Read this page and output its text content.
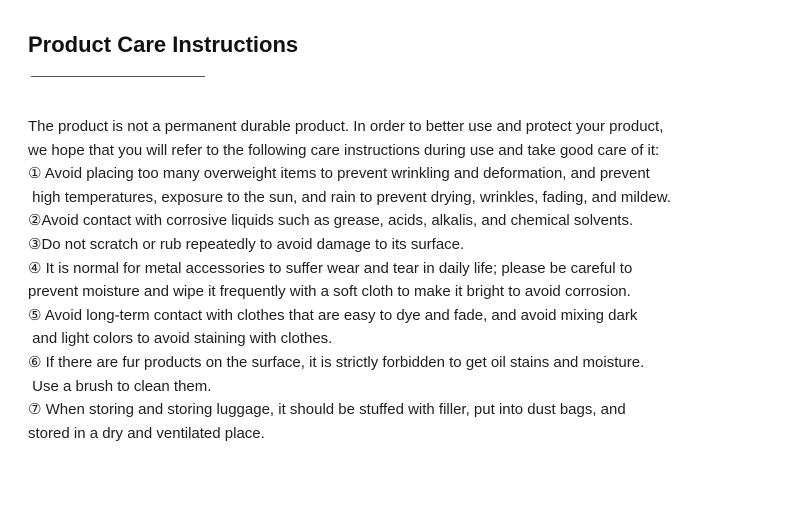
Product Care Instructions
The product is not a permanent durable product. In order to better use and protect your product,
we hope that you will refer to the following care instructions during use and take good care of it:
① Avoid placing too many overweight items to prevent wrinkling and deformation, and prevent
high temperatures, exposure to the sun, and rain to prevent drying, wrinkles, fading, and mildew.
②Avoid contact with corrosive liquids such as grease, acids, alkalis, and chemical solvents.
③Do not scratch or rub repeatedly to avoid damage to its surface.
④ It is normal for metal accessories to suffer wear and tear in daily life; please be careful to
prevent moisture and wipe it frequently with a soft cloth to make it bright to avoid corrosion.
⑤ Avoid long-term contact with clothes that are easy to dye and fade, and avoid mixing dark
and light colors to avoid staining with clothes.
⑥ If there are fur products on the surface, it is strictly forbidden to get oil stains and moisture.
Use a brush to clean them.
⑦ When storing and storing luggage, it should be stuffed with filler, put into dust bags, and
stored in a dry and ventilated place.
